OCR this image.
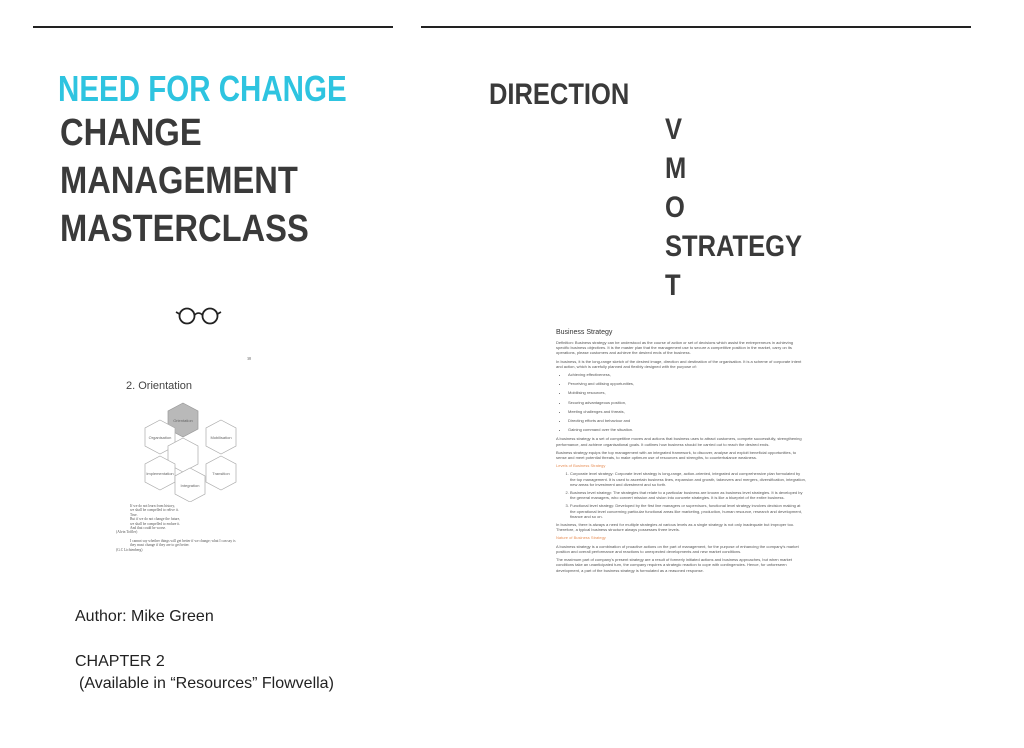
NEED FOR CHANGE
CHANGE
MANAGEMENT
MASTERCLASS
38
2. Orientation
Orientation
Organisation	Mobilisation
Implementation	Transition
Integration
If we do not learn from history,
we shall be compelled to relive it.
True.
But if we do not change the future,
we shall be compelled to endure it.
And that could be worse.
(Alvin Toffler)
I cannot say whether things will get better if we change; what I can say is
they must change if they are to get better.
(G.C Lichtenberg)
Author: Mike Green
CHAPTER 2
(Available in “Resources” Flowvella)
DIRECTION
V
M
O
STRATEGY
T
Business Strategy

Definition: Business strategy can be understood as the course of action or set of decisions which assist the entrepreneurs in achieving specific business objectives. It is the master plan that the management use to secure a competitive position in the market, carry on its operations, please customers and achieve the desired ends of the business.

In business, it is the long-range sketch of the desired image, direction and destination of the organisation. It is a scheme of corporate intent and action, which is carefully planned and flexibly designed with the purpose of:

• Achieving effectiveness,
• Perceiving and utilising opportunities,
• Mobilising resources,
• Securing advantageous position,
• Meeting challenges and threats,
• Directing efforts and behaviour and
• Gaining command over the situation.

A business strategy is a set of competitive moves and actions that business uses to attract customers, compete successfully, strengthening performance, and achieve organisational goals. It outlines how business should be carried out to reach the desired ends.

Business strategy equips the top management with an integrated framework, to discover, analyse and exploit beneficial opportunities, to sense and meet potential threats, to make optimum use of resources and strengths, to counterbalance weakness.

Levels of Business Strategy
1. Corporate level strategy: Corporate level strategy is long-range, action-oriented, integrated and comprehensive plan formulated by the top management. It is used to ascertain business lines, expansion and growth, takeovers and mergers, diversification, integration, new areas for investment and divestment and so forth.
2. Business level strategy: The strategies that relate to a particular business are known as business level strategies. It is developed by the general managers, who convert mission and vision into concrete strategies. It is like a blueprint of the entire business.
3. Functional level strategy: Developed by the first line managers or supervisors, functional level strategy involves decision making at the operational level concerning particular functional areas like marketing, production, human resource, research and development, finance and so on.

In business, there is always a need for multiple strategies at various levels as a single strategy is not only inadequate but improper too. Therefore, a typical business structure always possesses three levels.

Nature of Business Strategy

A business strategy is a combination of proactive actions on the part of management, for the purpose of enhancing the company's market position and overall performance and reactions to unexpected developments and new market conditions.

The maximum part of company's present strategy are a result of formerly initiated actions and business approaches, but when market conditions take an unanticipated turn, the company requires a strategic reaction to cope with contingencies. Hence, for unforeseen development, a part of the business strategy is formulated as a reasoned response.
